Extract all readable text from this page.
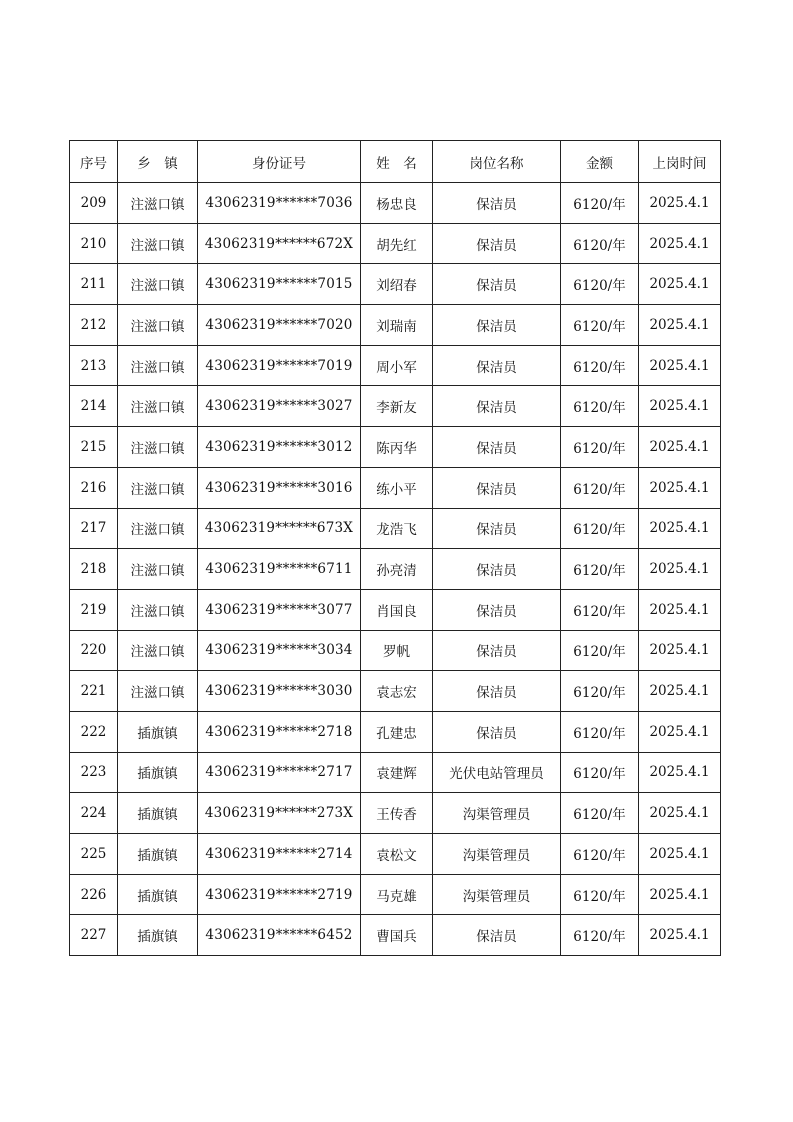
序号	乡　镇	身份证号	姓　名	岗位名称	金额	上岗时间
209	注滋口镇	43062319******7036	杨忠良	保洁员	6120/年	2025.4.1
210	注滋口镇	43062319******672X	胡先红	保洁员	6120/年	2025.4.1
211	注滋口镇	43062319******7015	刘绍春	保洁员	6120/年	2025.4.1
212	注滋口镇	43062319******7020	刘瑞南	保洁员	6120/年	2025.4.1
213	注滋口镇	43062319******7019	周小军	保洁员	6120/年	2025.4.1
214	注滋口镇	43062319******3027	李新友	保洁员	6120/年	2025.4.1
215	注滋口镇	43062319******3012	陈丙华	保洁员	6120/年	2025.4.1
216	注滋口镇	43062319******3016	练小平	保洁员	6120/年	2025.4.1
217	注滋口镇	43062319******673X	龙浩飞	保洁员	6120/年	2025.4.1
218	注滋口镇	43062319******6711	孙亮清	保洁员	6120/年	2025.4.1
219	注滋口镇	43062319******3077	肖国良	保洁员	6120/年	2025.4.1
220	注滋口镇	43062319******3034	罗帆	保洁员	6120/年	2025.4.1
221	注滋口镇	43062319******3030	袁志宏	保洁员	6120/年	2025.4.1
222	插旗镇	43062319******2718	孔建忠	保洁员	6120/年	2025.4.1
223	插旗镇	43062319******2717	袁建辉	光伏电站管理员	6120/年	2025.4.1
224	插旗镇	43062319******273X	王传香	沟渠管理员	6120/年	2025.4.1
225	插旗镇	43062319******2714	袁松文	沟渠管理员	6120/年	2025.4.1
226	插旗镇	43062319******2719	马克雄	沟渠管理员	6120/年	2025.4.1
227	插旗镇	43062319******6452	曹国兵	保洁员	6120/年	2025.4.1
